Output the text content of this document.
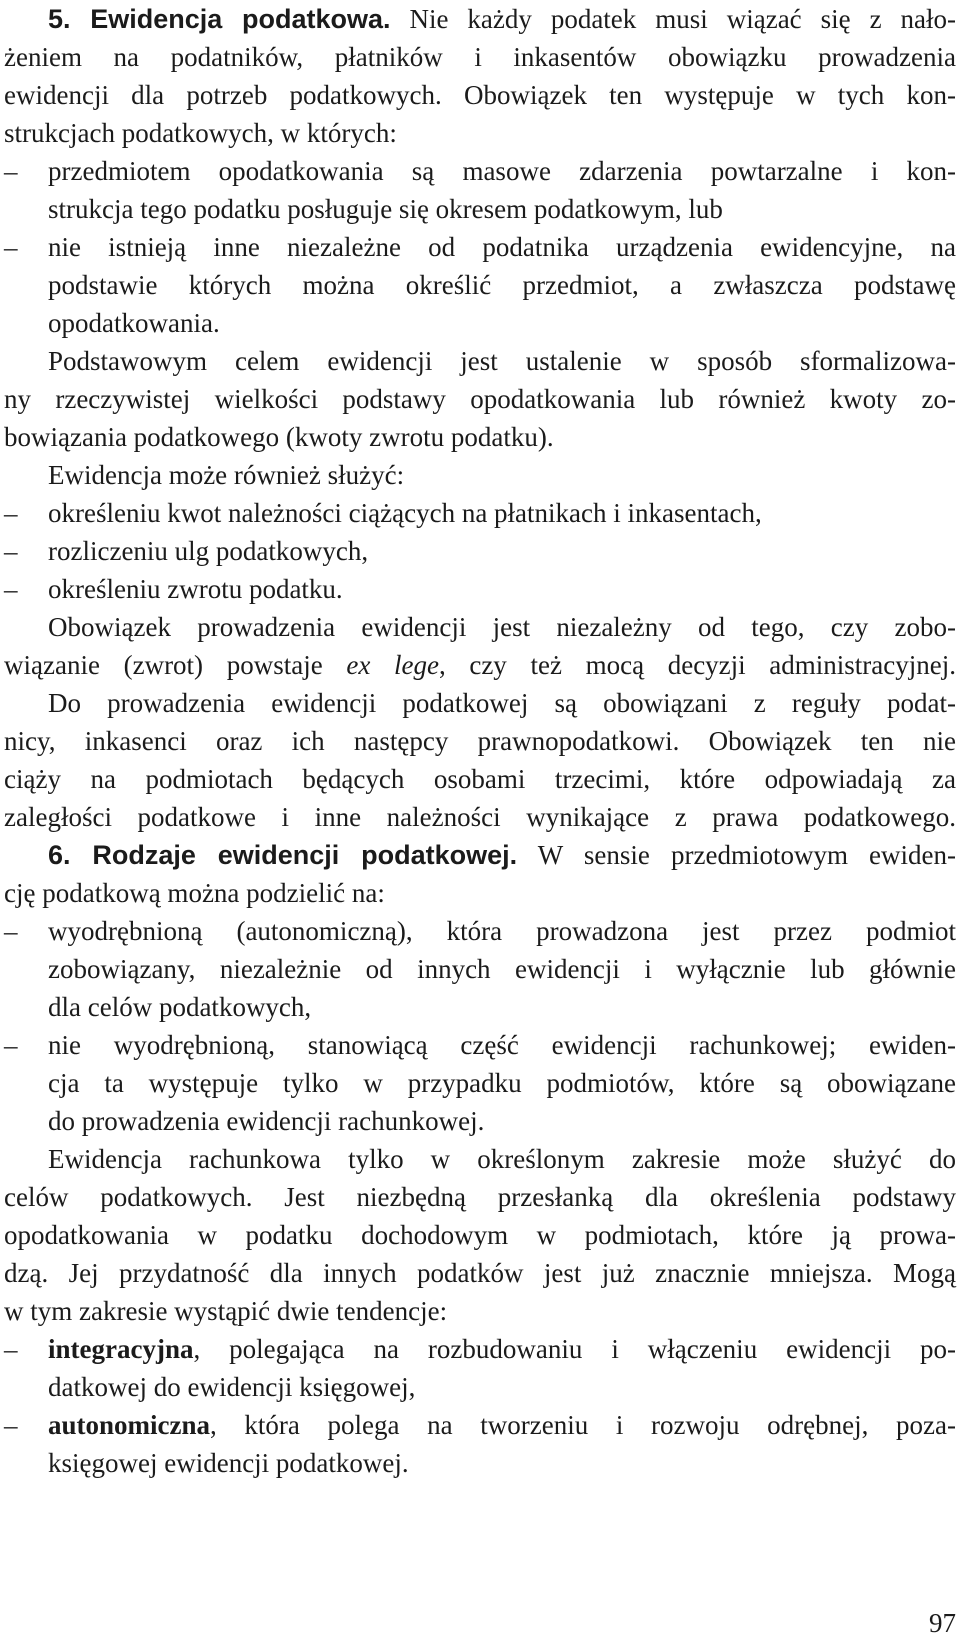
5. Ewidencja podatkowa. Nie każdy podatek musi wiązać się z nało-
żeniem na podatników, płatników i inkasentów obowiązku prowadzenia
ewidencji dla potrzeb podatkowych. Obowiązek ten występuje w tych kon-
strukcjach podatkowych, w których:
– przedmiotem opodatkowania są masowe zdarzenia powtarzalne i kon-
strukcja tego podatku posługuje się okresem podatkowym, lub
– nie istnieją inne niezależne od podatnika urządzenia ewidencyjne, na
podstawie których można określić przedmiot, a zwłaszcza podstawę
opodatkowania.
Podstawowym celem ewidencji jest ustalenie w sposób sformalizowa-
ny rzeczywistej wielkości podstawy opodatkowania lub również kwoty zo-
bowiązania podatkowego (kwoty zwrotu podatku).
Ewidencja może również służyć:
– określeniu kwot należności ciążących na płatnikach i inkasentach,
– rozliczeniu ulg podatkowych,
– określeniu zwrotu podatku.
Obowiązek prowadzenia ewidencji jest niezależny od tego, czy zobo-
wiązanie (zwrot) powstaje ex lege, czy też mocą decyzji administracyjnej.
Do prowadzenia ewidencji podatkowej są obowiązani z reguły podat-
nicy, inkasenci oraz ich następcy prawnopodatkowi. Obowiązek ten nie
ciąży na podmiotach będących osobami trzecimi, które odpowiadają za
zaległości podatkowe i inne należności wynikające z prawa podatkowego.
6. Rodzaje ewidencji podatkowej. W sensie przedmiotowym ewiden-
cję podatkową można podzielić na:
– wyodrębnioną (autonomiczną), która prowadzona jest przez podmiot
zobowiązany, niezależnie od innych ewidencji i wyłącznie lub głównie
dla celów podatkowych,
– nie wyodrębnioną, stanowiącą część ewidencji rachunkowej; ewiden-
cja ta występuje tylko w przypadku podmiotów, które są obowiązane
do prowadzenia ewidencji rachunkowej.
Ewidencja rachunkowa tylko w określonym zakresie może służyć do
celów podatkowych. Jest niezbędną przesłanką dla określenia podstawy
opodatkowania w podatku dochodowym w podmiotach, które ją prowa-
dzą. Jej przydatność dla innych podatków jest już znacznie mniejsza. Mogą
w tym zakresie wystąpić dwie tendencje:
– integracyjna, polegająca na rozbudowaniu i włączeniu ewidencji po-
datkowej do ewidencji księgowej,
– autonomiczna, która polega na tworzeniu i rozwoju odrębnej, poza-
księgowej ewidencji podatkowej.
97
